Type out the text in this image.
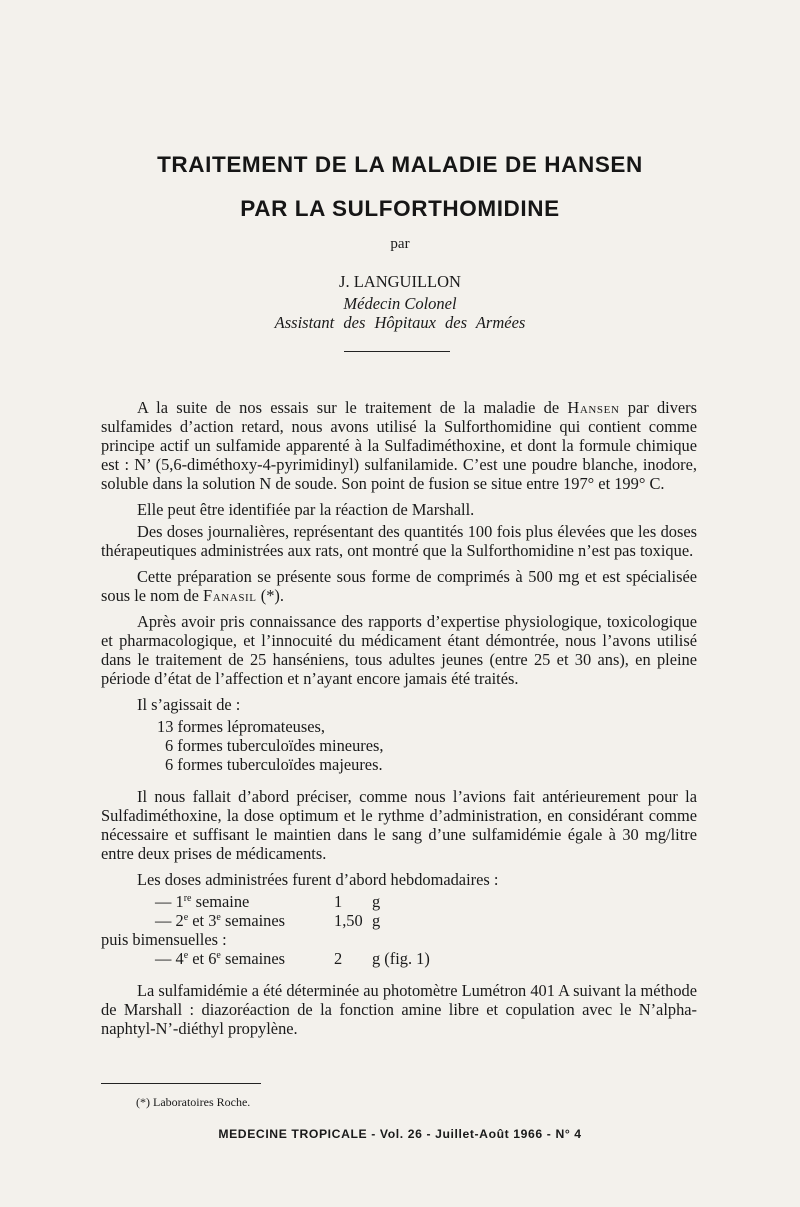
TRAITEMENT DE LA MALADIE DE HANSEN
PAR LA SULFORTHOMIDINE
par
J. LANGUILLON
Médecin Colonel
Assistant des Hôpitaux des Armées

A la suite de nos essais sur le traitement de la maladie de Hansen par divers sulfamides d’action retard, nous avons utilisé la Sulforthomidine qui contient comme principe actif un sulfamide apparenté à la Sulfadiméthoxine, et dont la formule chimique est : N’ (5,6-diméthoxy-4-pyrimidinyl) sulfanilamide. C’est une poudre blanche, inodore, soluble dans la solution N de soude. Son point de fusion se situe entre 197° et 199° C.

Elle peut être identifiée par la réaction de Marshall.

Des doses journalières, représentant des quantités 100 fois plus élevées que les doses thérapeutiques administrées aux rats, ont montré que la Sulforthomidine n’est pas toxique.

Cette préparation se présente sous forme de comprimés à 500 mg et est spécialisée sous le nom de Fanasil (*).

Après avoir pris connaissance des rapports d’expertise physiologique, toxicologique et pharmacologique, et l’innocuité du médicament étant démontrée, nous l’avons utilisé dans le traitement de 25 hanséniens, tous adultes jeunes (entre 25 et 30 ans), en pleine période d’état de l’affection et n’ayant encore jamais été traités.

Il s’agissait de :

13 formes lépromateuses,
6 formes tuberculoïdes mineures,
6 formes tuberculoïdes majeures.

Il nous fallait d’abord préciser, comme nous l’avions fait antérieurement pour la Sulfadiméthoxine, la dose optimum et le rythme d’administration, en considérant comme nécessaire et suffisant le maintien dans le sang d’une sulfamidémie égale à 30 mg/litre entre deux prises de médicaments.

Les doses administrées furent d’abord hebdomadaires :

— 1re semaine	1 g
— 2e et 3e semaines	1,50 g
puis bimensuelles :
— 4e et 6e semaines	2 g (fig. 1)

La sulfamidémie a été déterminée au photomètre Lumétron 401 A suivant la méthode de Marshall : diazoréaction de la fonction amine libre et copulation avec le N’alpha-naphtyl-N’-diéthyl propylène.

(*) Laboratoires Roche.
MEDECINE TROPICALE - Vol. 26 - Juillet-Août 1966 - N° 4
